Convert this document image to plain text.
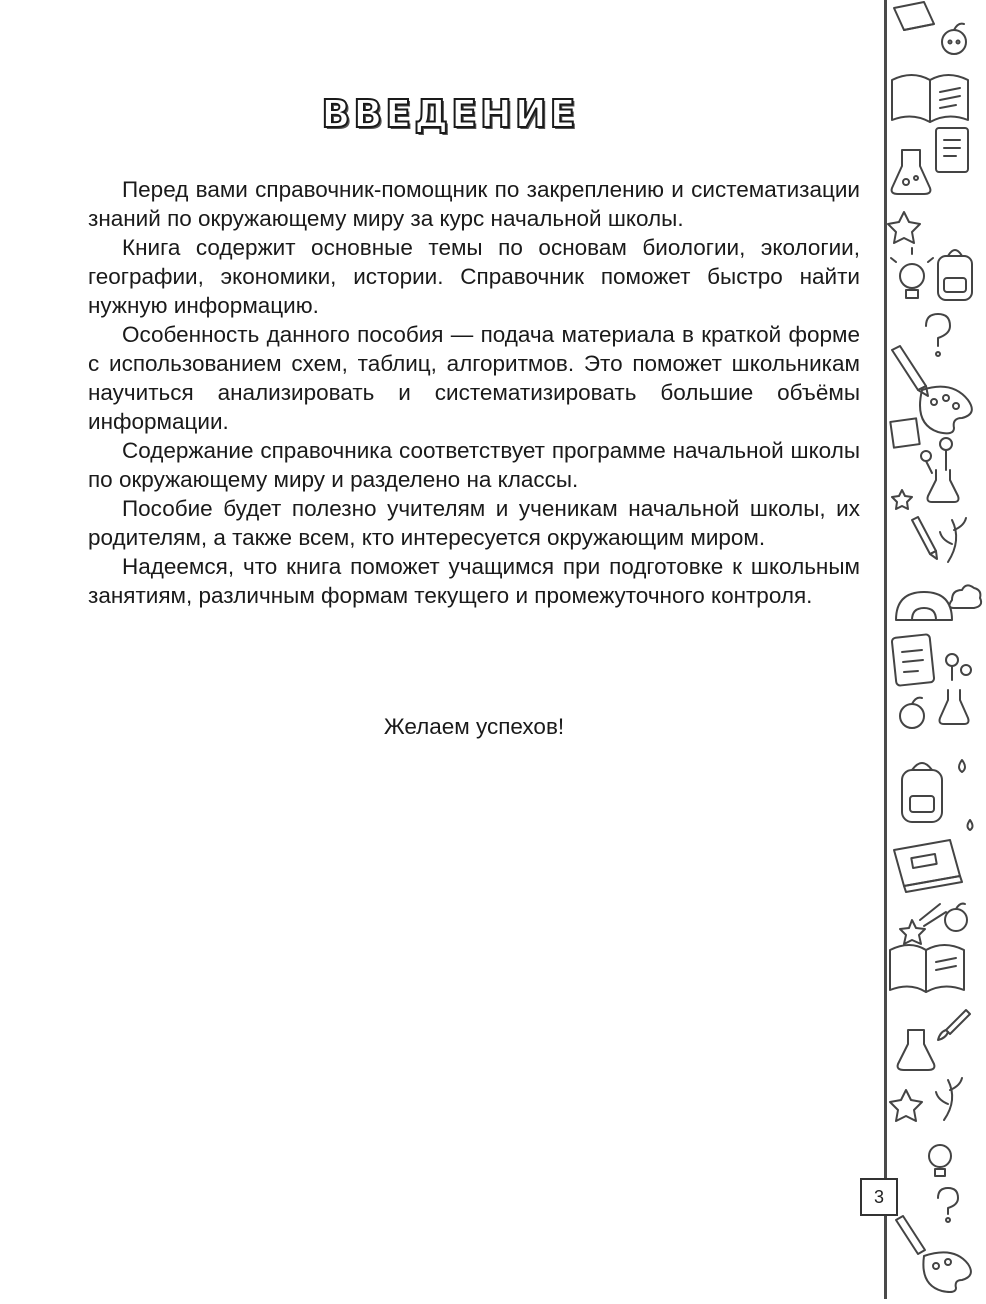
ВВЕДЕНИЕ

Перед вами справочник-помощник по закреплению и систематизации знаний по окружающему миру за курс начальной школы.

Книга содержит основные темы по основам биологии, экологии, географии, экономики, истории. Справочник поможет быстро найти нужную информацию.

Особенность данного пособия — подача материала в краткой форме с использованием схем, таблиц, алгоритмов. Это поможет школьникам научиться анализировать и систематизировать большие объёмы информации.

Содержание справочника соответствует программе начальной школы по окружающему миру и разделено на классы.

Пособие будет полезно учителям и ученикам начальной школы, их родителям, а также всем, кто интересуется окружающим миром.

Надеемся, что книга поможет учащимся при подготовке к школьным занятиям, различным формам текущего и промежуточного контроля.

Желаем успехов!
3
